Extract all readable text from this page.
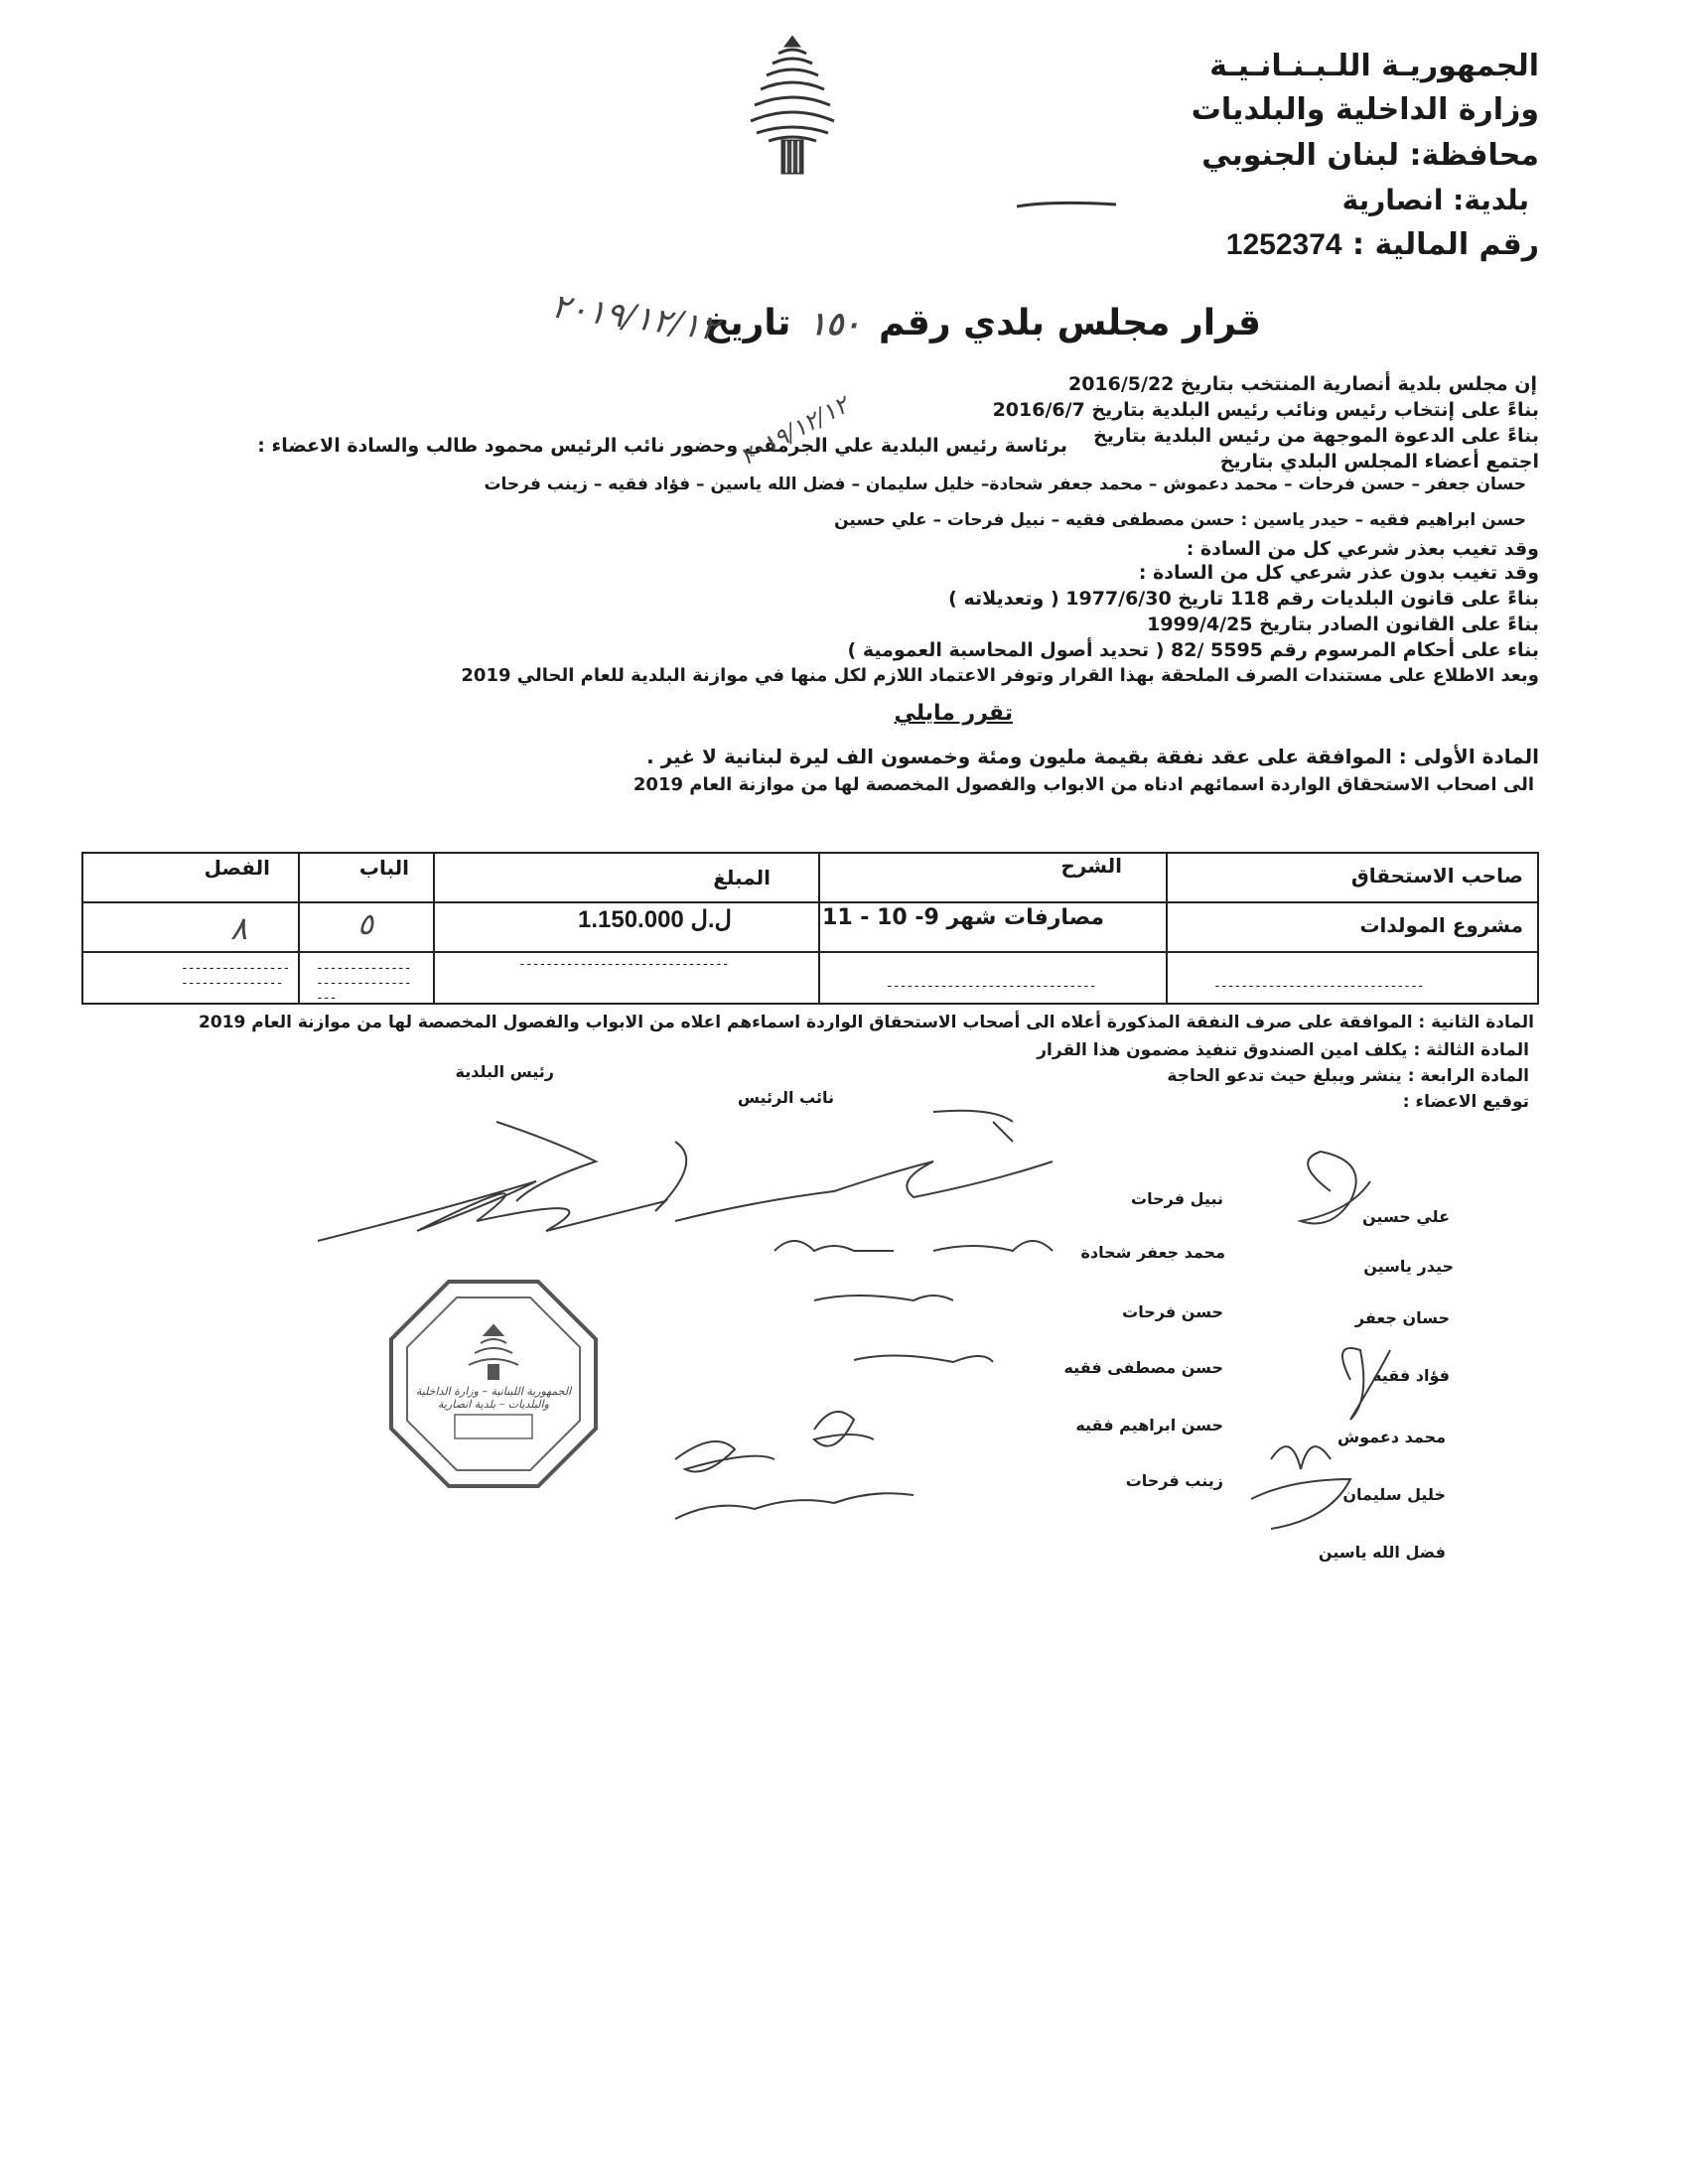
الجمهوريـة اللـبـنـانـيـة
وزارة الداخلية والبلديات
محافظة: لبنان الجنوبي
بلدية: انصارية
رقم المالية : 1252374
قرار مجلس بلدي رقم ١٥٠ تاريخ
٢٠١٩/١٢/١٢
إن مجلس بلدية أنصارية المنتخب بتاريخ 2016/5/22
بناءً على إنتخاب رئيس ونائب رئيس البلدية بتاريخ 2016/6/7
بناءً على الدعوة الموجهة من رئيس البلدية بتاريخ
اجتمع أعضاء المجلس البلدي بتاريخ
برئاسة رئيس البلدية علي الجرمقي وحضور نائب الرئيس محمود طالب والسادة الاعضاء :
حسان جعفر – حسن فرحات – محمد دعموش – محمد جعفر شحادة– خليل سليمان – فضل الله ياسين – فؤاد فقيه – زينب فرحات
حسن ابراهيم فقيه – حيدر ياسين : حسن مصطفى فقيه – نبيل فرحات – علي حسين
وقد تغيب بعذر شرعي كل من السادة :
وقد تغيب بدون عذر شرعي كل من السادة :
بناءً على قانون البلديات رقم 118 تاريخ 1977/6/30 ( وتعديلاته )
بناءً على القانون الصادر بتاريخ 1999/4/25
بناء على أحكام المرسوم رقم 5595 /82 ( تحديد أصول المحاسبة العمومية )
وبعد الاطلاع على مستندات الصرف الملحقة بهذا القرار وتوفر الاعتماد اللازم لكل منها في موازنة البلدية للعام الحالي 2019
٢٠١٩/١٢/١٢
تقرر مايلي
المادة الأولى : الموافقة على عقد نفقة بقيمة مليون ومئة وخمسون الف ليرة لبنانية لا غير .
الى اصحاب الاستحقاق الواردة اسمائهم ادناه من الابواب والفصول المخصصة لها من موازنة العام 2019
صاحب الاستحقاق
الشرح
المبلغ
الباب
الفصل
مشروع المولدات
مصارفات شهر 9- 10 - 11
1.150.000 ل.ل
٥
٨
-------------------------------
-------------------------------
-------------------------------
-------------------------------
-------------------------------
المادة الثانية : الموافقة على صرف النفقة المذكورة أعلاه الى أصحاب الاستحقاق الواردة اسماءهم اعلاه من الابواب والفصول المخصصة لها من موازنة العام 2019
المادة الثالثة : يكلف امين الصندوق تنفيذ مضمون هذا القرار
المادة الرابعة : ينشر ويبلغ حيث تدعو الحاجة
توقيع الاعضاء :
رئيس البلدية
نائب الرئيس
علي حسين
حيدر ياسين
حسان جعفر
فؤاد فقيه
محمد دعموش
خليل سليمان
فضل الله ياسين
نبيل فرحات
محمد جعفر شحادة
حسن فرحات
حسن مصطفى فقيه
حسن ابراهيم فقيه
زينب فرحات
الجمهورية اللبنانية – وزارة الداخلية والبلديات – بلدية انصارية
